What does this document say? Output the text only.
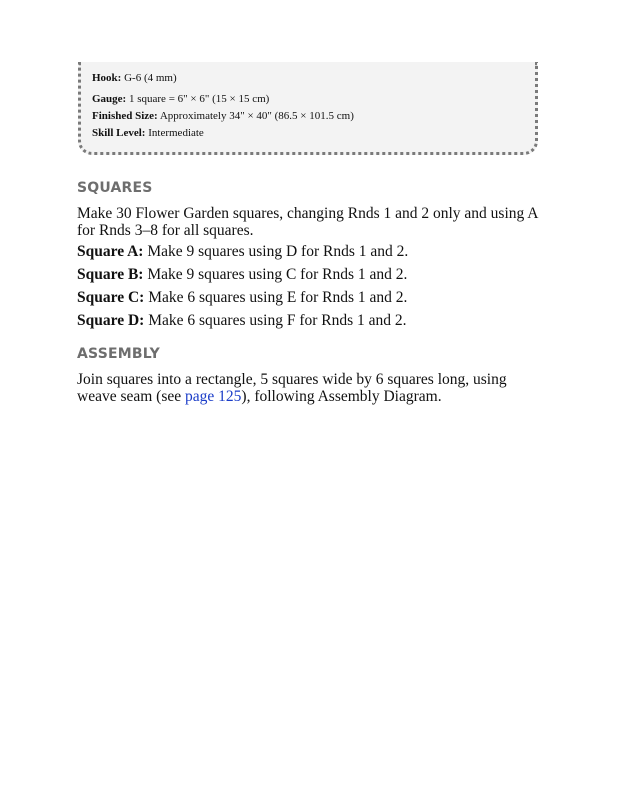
Hook: G-6 (4 mm)
Gauge: 1 square = 6" × 6" (15 × 15 cm)
Finished Size: Approximately 34" × 40" (86.5 × 101.5 cm)
Skill Level: Intermediate
SQUARES
Make 30 Flower Garden squares, changing Rnds 1 and 2 only and using A for Rnds 3–8 for all squares.
Square A: Make 9 squares using D for Rnds 1 and 2.
Square B: Make 9 squares using C for Rnds 1 and 2.
Square C: Make 6 squares using E for Rnds 1 and 2.
Square D: Make 6 squares using F for Rnds 1 and 2.
ASSEMBLY
Join squares into a rectangle, 5 squares wide by 6 squares long, using weave seam (see page 125), following Assembly Diagram.
